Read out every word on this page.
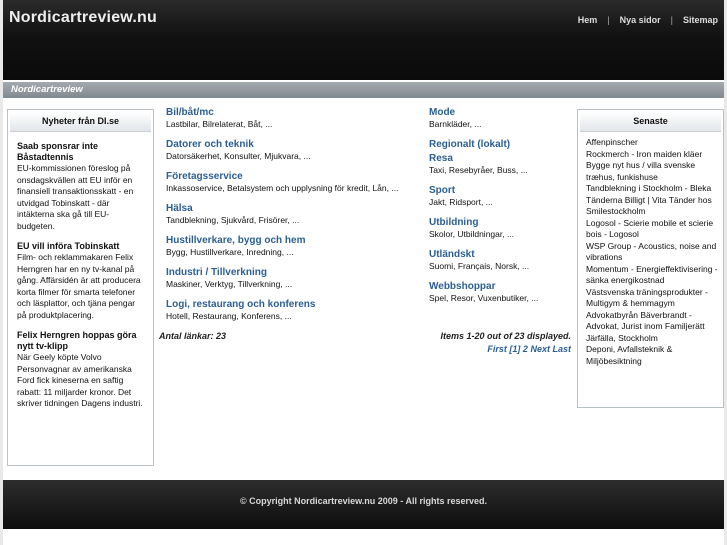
Nordicartreview.nu	Hem | Nya sidor | Sitemap
Nordicartreview
Nyheter från DI.se
Saab sponsrar inte Båstadtennis
EU-kommissionen föreslog på onsdagskvällen att EU inför en finansiell transaktionsskatt - en utvidgad Tobinskatt - där intäkterna ska gå till EU-budgeten.
EU vill införa Tobinskatt
Film- och reklammakaren Felix Herngren har en ny tv-kanal på gång. Affärsidén är att producera korta filmer för smarta telefoner och läsplattor, och tjäna pengar på produktplacering.
Felix Herngren hoppas göra nytt tv-klipp
När Geely köpte Volvo Personvagnar av amerikanska Ford fick kineserna en saftig rabatt: 11 miljarder kronor. Det skriver tidningen Dagens industri.
Bil/båt/mc
Lastbilar, Bilrelaterat, Båt, ...
Datorer och teknik
Datorsäkerhet, Konsulter, Mjukvara, ...
Företagsservice
Inkassoservice, Betalsystem och upplysning för kredit, Lån, ...
Hälsa
Tandblekning, Sjukvård, Frisörer, ...
Hustillverkare, bygg och hem
Bygg, Hustillverkare, Inredning, ...
Industri / Tillverkning
Maskiner, Verktyg, Tillverkning, ...
Logi, restaurang och konferens
Hotell, Restaurang, Konferens, ...
Mode
Barnkläder, ...
Regionalt (lokalt)
Resa
Taxi, Resebyråer, Buss, ...
Sport
Jakt, Ridsport, ...
Utbildning
Skolor, Utbildningar, ...
Utländskt
Suomi, Français, Norsk, ...
Webbshoppar
Spel, Resor, Vuxenbutiker, ...
Antal länkar: 23	Items 1-20 out of 23 displayed.
First [1] 2 Next Last
Senaste
Affenpinscher
Rockmerch - Iron maiden kläer
Bygge nyt hus / villa svenske træhus, funkishuse
Tandblekning i Stockholm - Bleka Tänderna Billigt | Vita Tänder hos Smilestockholm
Logosol - Scierie mobile et scierie bois - Logosol
WSP Group - Acoustics, noise and vibrations
Momentum - Energieffektivisering - sänka energikostnad
Västsvenska träningsprodukter - Multigym & hemmagym
Advokatbyrån Bäverbrandt - Advokat, Jurist inom Familjerätt Järfälla, Stockholm
Deponi, Avfallsteknik & Miljöbesiktning
© Copyright Nordicartreview.nu 2009 - All rights reserved.
